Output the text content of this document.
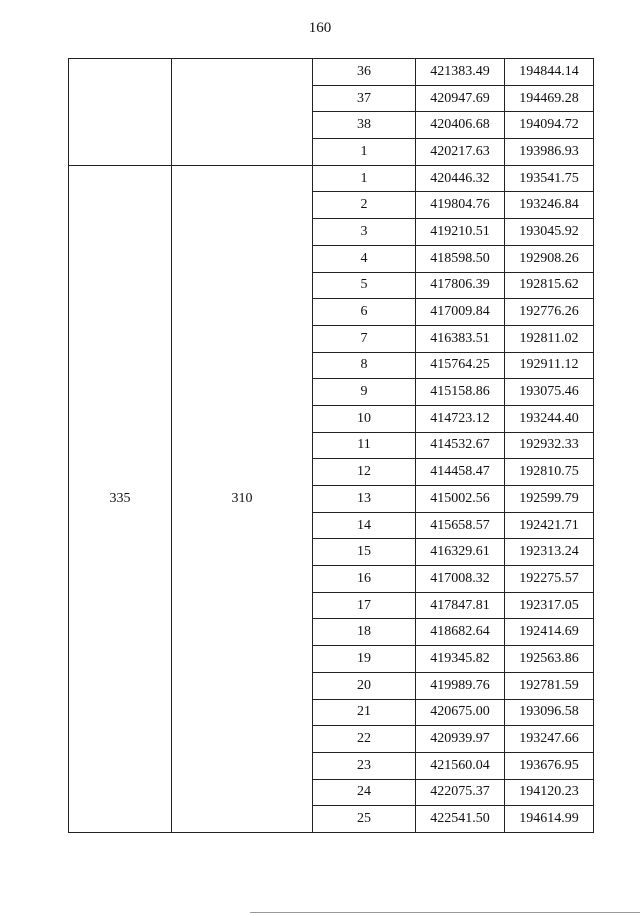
160
		36	421383.49	194844.14
		37	420947.69	194469.28
		38	420406.68	194094.72
		1	420217.63	193986.93
335	310	1	420446.32	193541.75
		2	419804.76	193246.84
		3	419210.51	193045.92
		4	418598.50	192908.26
		5	417806.39	192815.62
		6	417009.84	192776.26
		7	416383.51	192811.02
		8	415764.25	192911.12
		9	415158.86	193075.46
		10	414723.12	193244.40
		11	414532.67	192932.33
		12	414458.47	192810.75
		13	415002.56	192599.79
		14	415658.57	192421.71
		15	416329.61	192313.24
		16	417008.32	192275.57
		17	417847.81	192317.05
		18	418682.64	192414.69
		19	419345.82	192563.86
		20	419989.76	192781.59
		21	420675.00	193096.58
		22	420939.97	193247.66
		23	421560.04	193676.95
		24	422075.37	194120.23
		25	422541.50	194614.99
